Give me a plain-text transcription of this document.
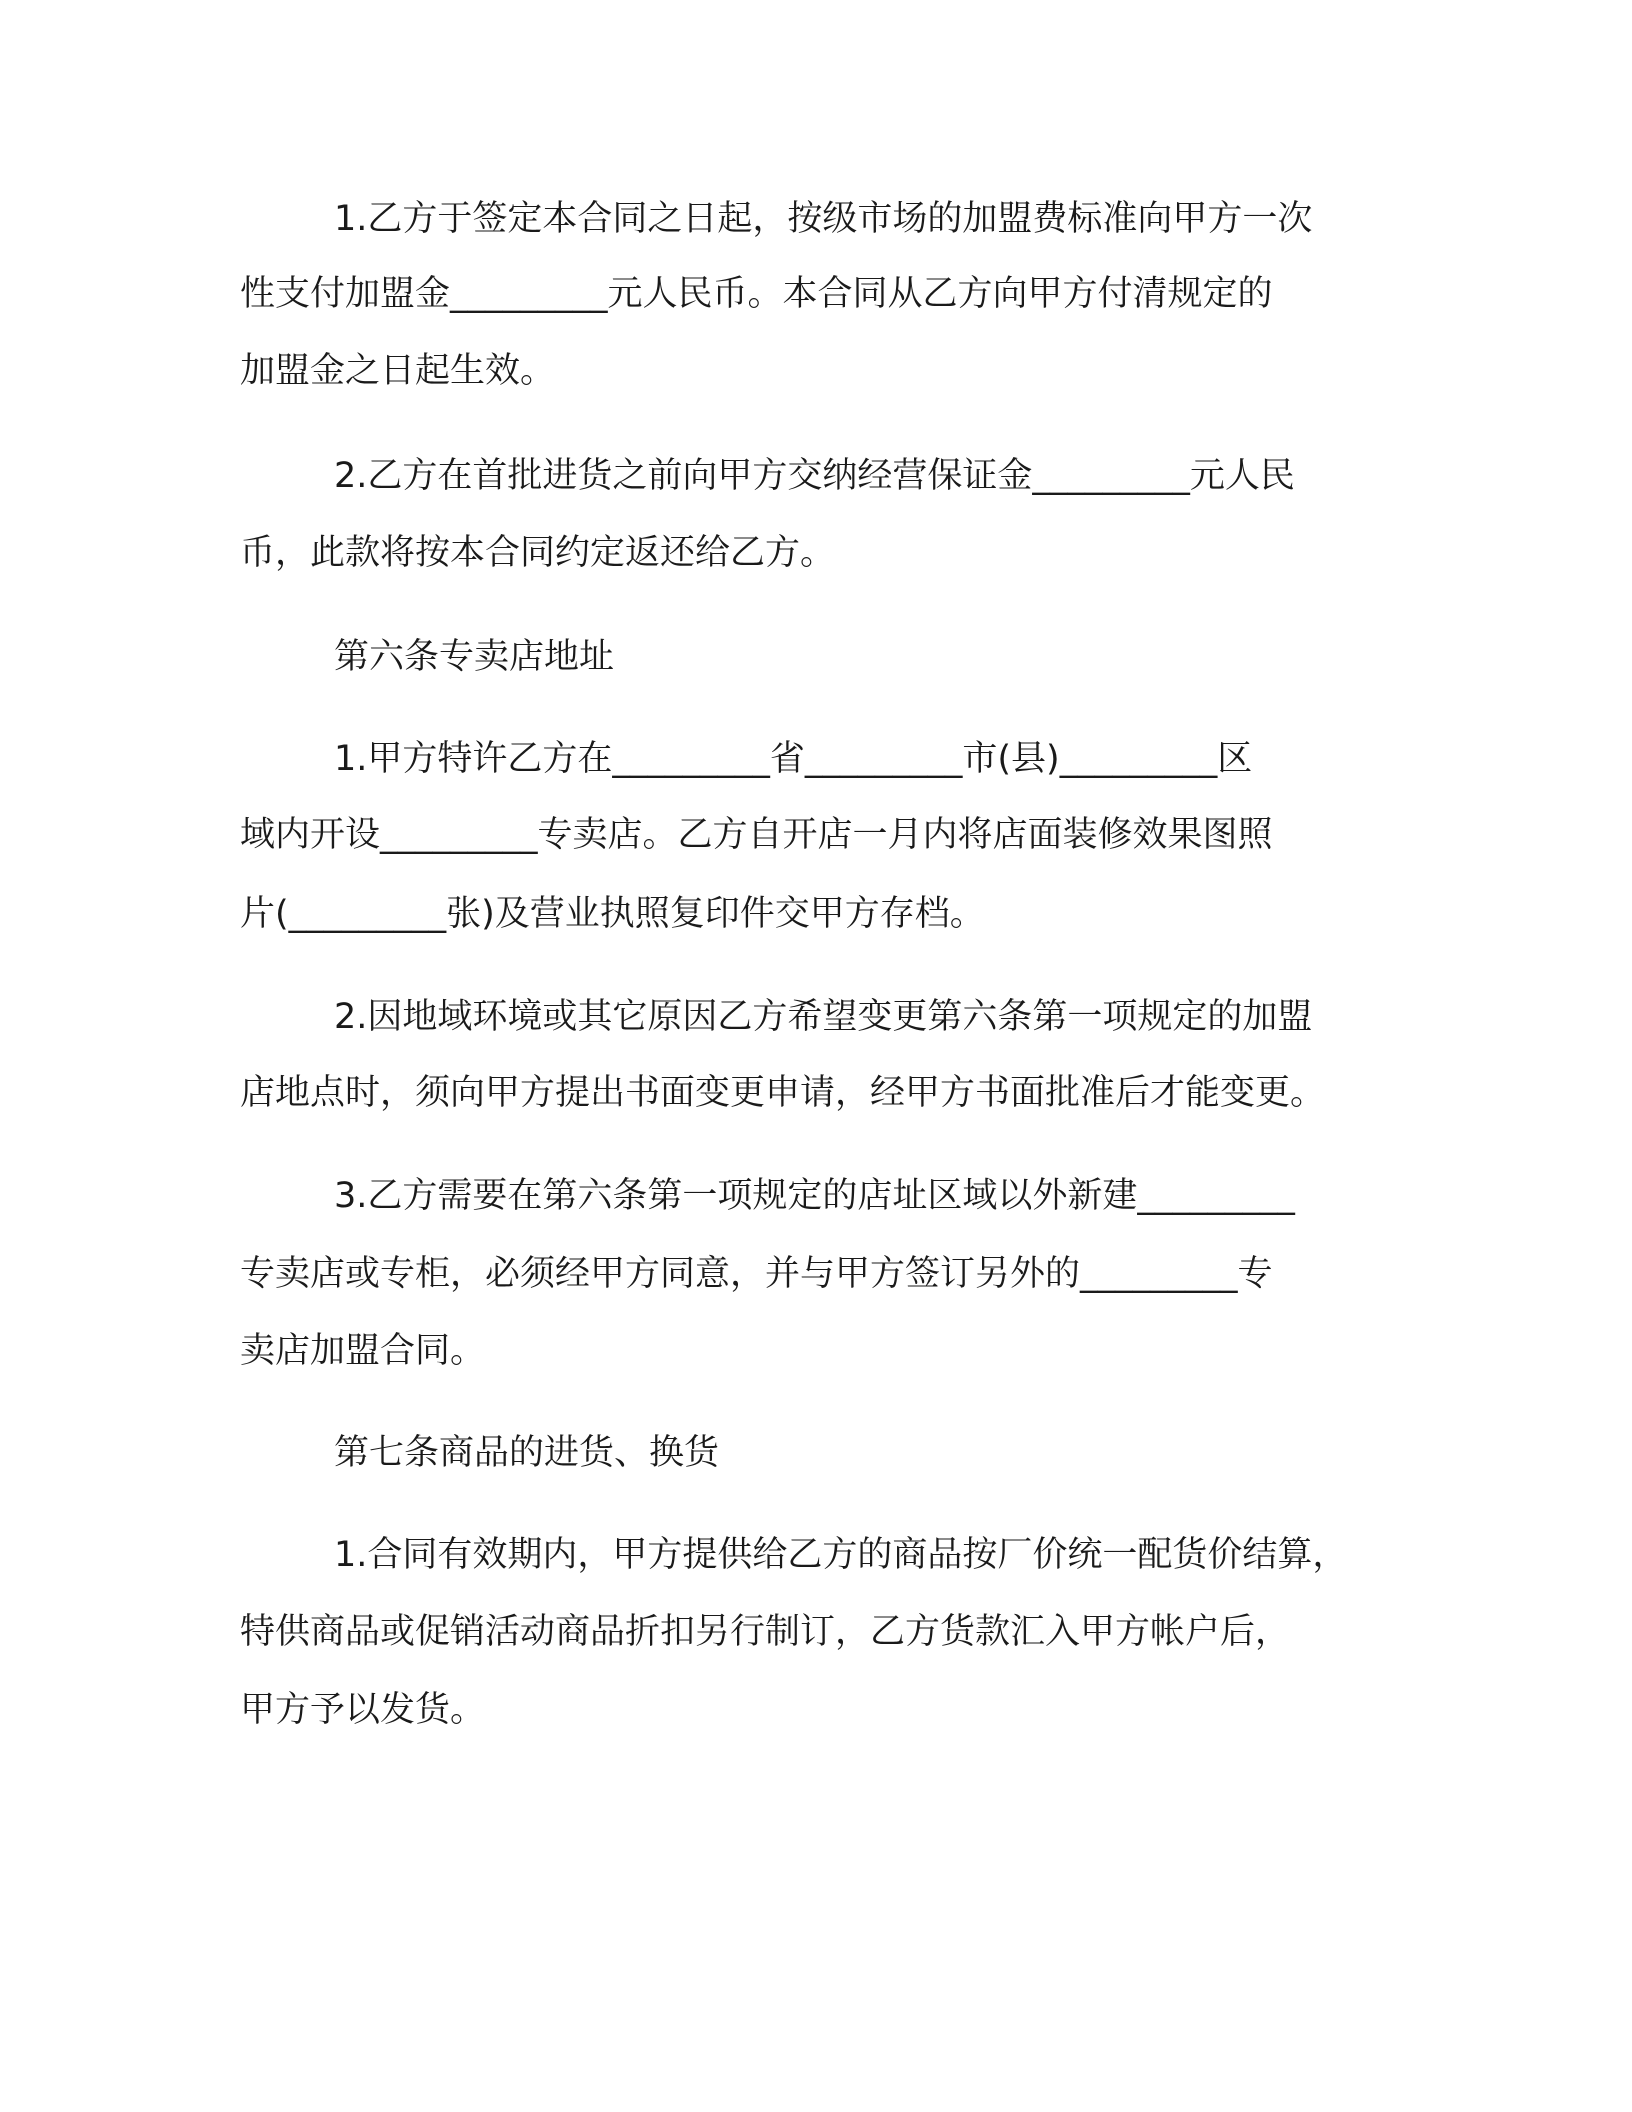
1.乙方于签定本合同之日起，按级市场的加盟费标准向甲方一次
性支付加盟金_________元人民币。本合同从乙方向甲方付清规定的
加盟金之日起生效。
2.乙方在首批进货之前向甲方交纳经营保证金_________元人民
币，此款将按本合同约定返还给乙方。
第六条专卖店地址
1.甲方特许乙方在_________省_________市(县)_________区
域内开设_________专卖店。乙方自开店一月内将店面装修效果图照
片(_________张)及营业执照复印件交甲方存档。
2.因地域环境或其它原因乙方希望变更第六条第一项规定的加盟
店地点时，须向甲方提出书面变更申请，经甲方书面批准后才能变更。
3.乙方需要在第六条第一项规定的店址区域以外新建_________
专卖店或专柜，必须经甲方同意，并与甲方签订另外的_________专
卖店加盟合同。
第七条商品的进货、换货
1.合同有效期内，甲方提供给乙方的商品按厂价统一配货价结算，
特供商品或促销活动商品折扣另行制订，乙方货款汇入甲方帐户后，
甲方予以发货。
